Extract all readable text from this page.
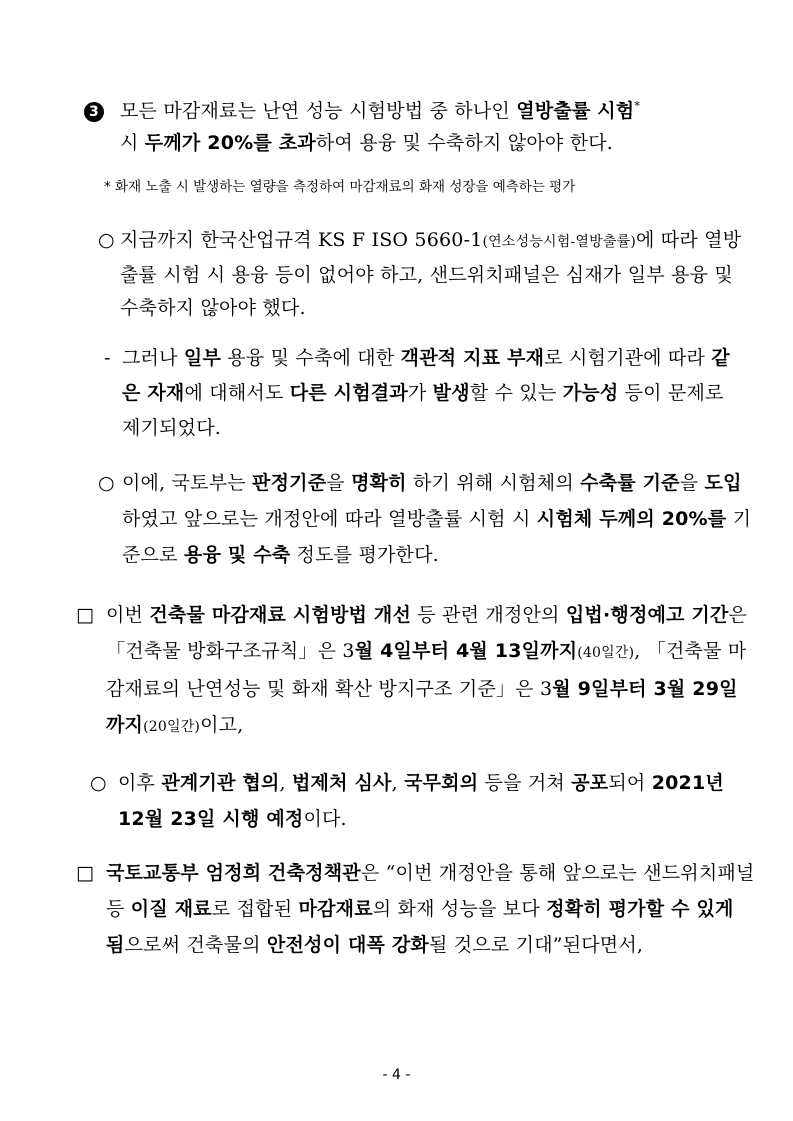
3 모든 마감재료는 난연 성능 시험방법 중 하나인 열방출률 시험*
시 두께가 20%를 초과하여 용융 및 수축하지 않아야 한다.
* 화재 노출 시 발생하는 열량을 측정하여 마감재료의 화재 성장을 예측하는 평가
○ 지금까지 한국산업규격 KS F ISO 5660-1(연소성능시험-열방출률)에 따라 열방출률 시험 시 용융 등이 없어야 하고, 샌드위치패널은 심재가 일부 용융 및 수축하지 않아야 했다.
- 그러나 일부 용융 및 수축에 대한 객관적 지표 부재로 시험기관에 따라 같은 자재에 대해서도 다른 시험결과가 발생할 수 있는 가능성 등이 문제로 제기되었다.
○ 이에, 국토부는 판정기준을 명확히 하기 위해 시험체의 수축률 기준을 도입하였고 앞으로는 개정안에 따라 열방출률 시험 시 시험체 두께의 20%를 기준으로 용융 및 수축 정도를 평가한다.
□ 이번 건축물 마감재료 시험방법 개선 등 관련 개정안의 입법·행정예고 기간은 「건축물 방화구조규칙」은 3월 4일부터 4월 13일까지(40일간), 「건축물 마감재료의 난연성능 및 화재 확산 방지구조 기준」은 3월 9일부터 3월 29일까지(20일간)이고,
○ 이후 관계기관 협의, 법제처 심사, 국무회의 등을 거쳐 공포되어 2021년 12월 23일 시행 예정이다.
□ 국토교통부 엄정희 건축정책관은 “이번 개정안을 통해 앞으로는 샌드위치패널 등 이질 재료로 접합된 마감재료의 화재 성능을 보다 정확히 평가할 수 있게 됨으로써 건축물의 안전성이 대폭 강화될 것으로 기대”된다면서,
- 4 -
